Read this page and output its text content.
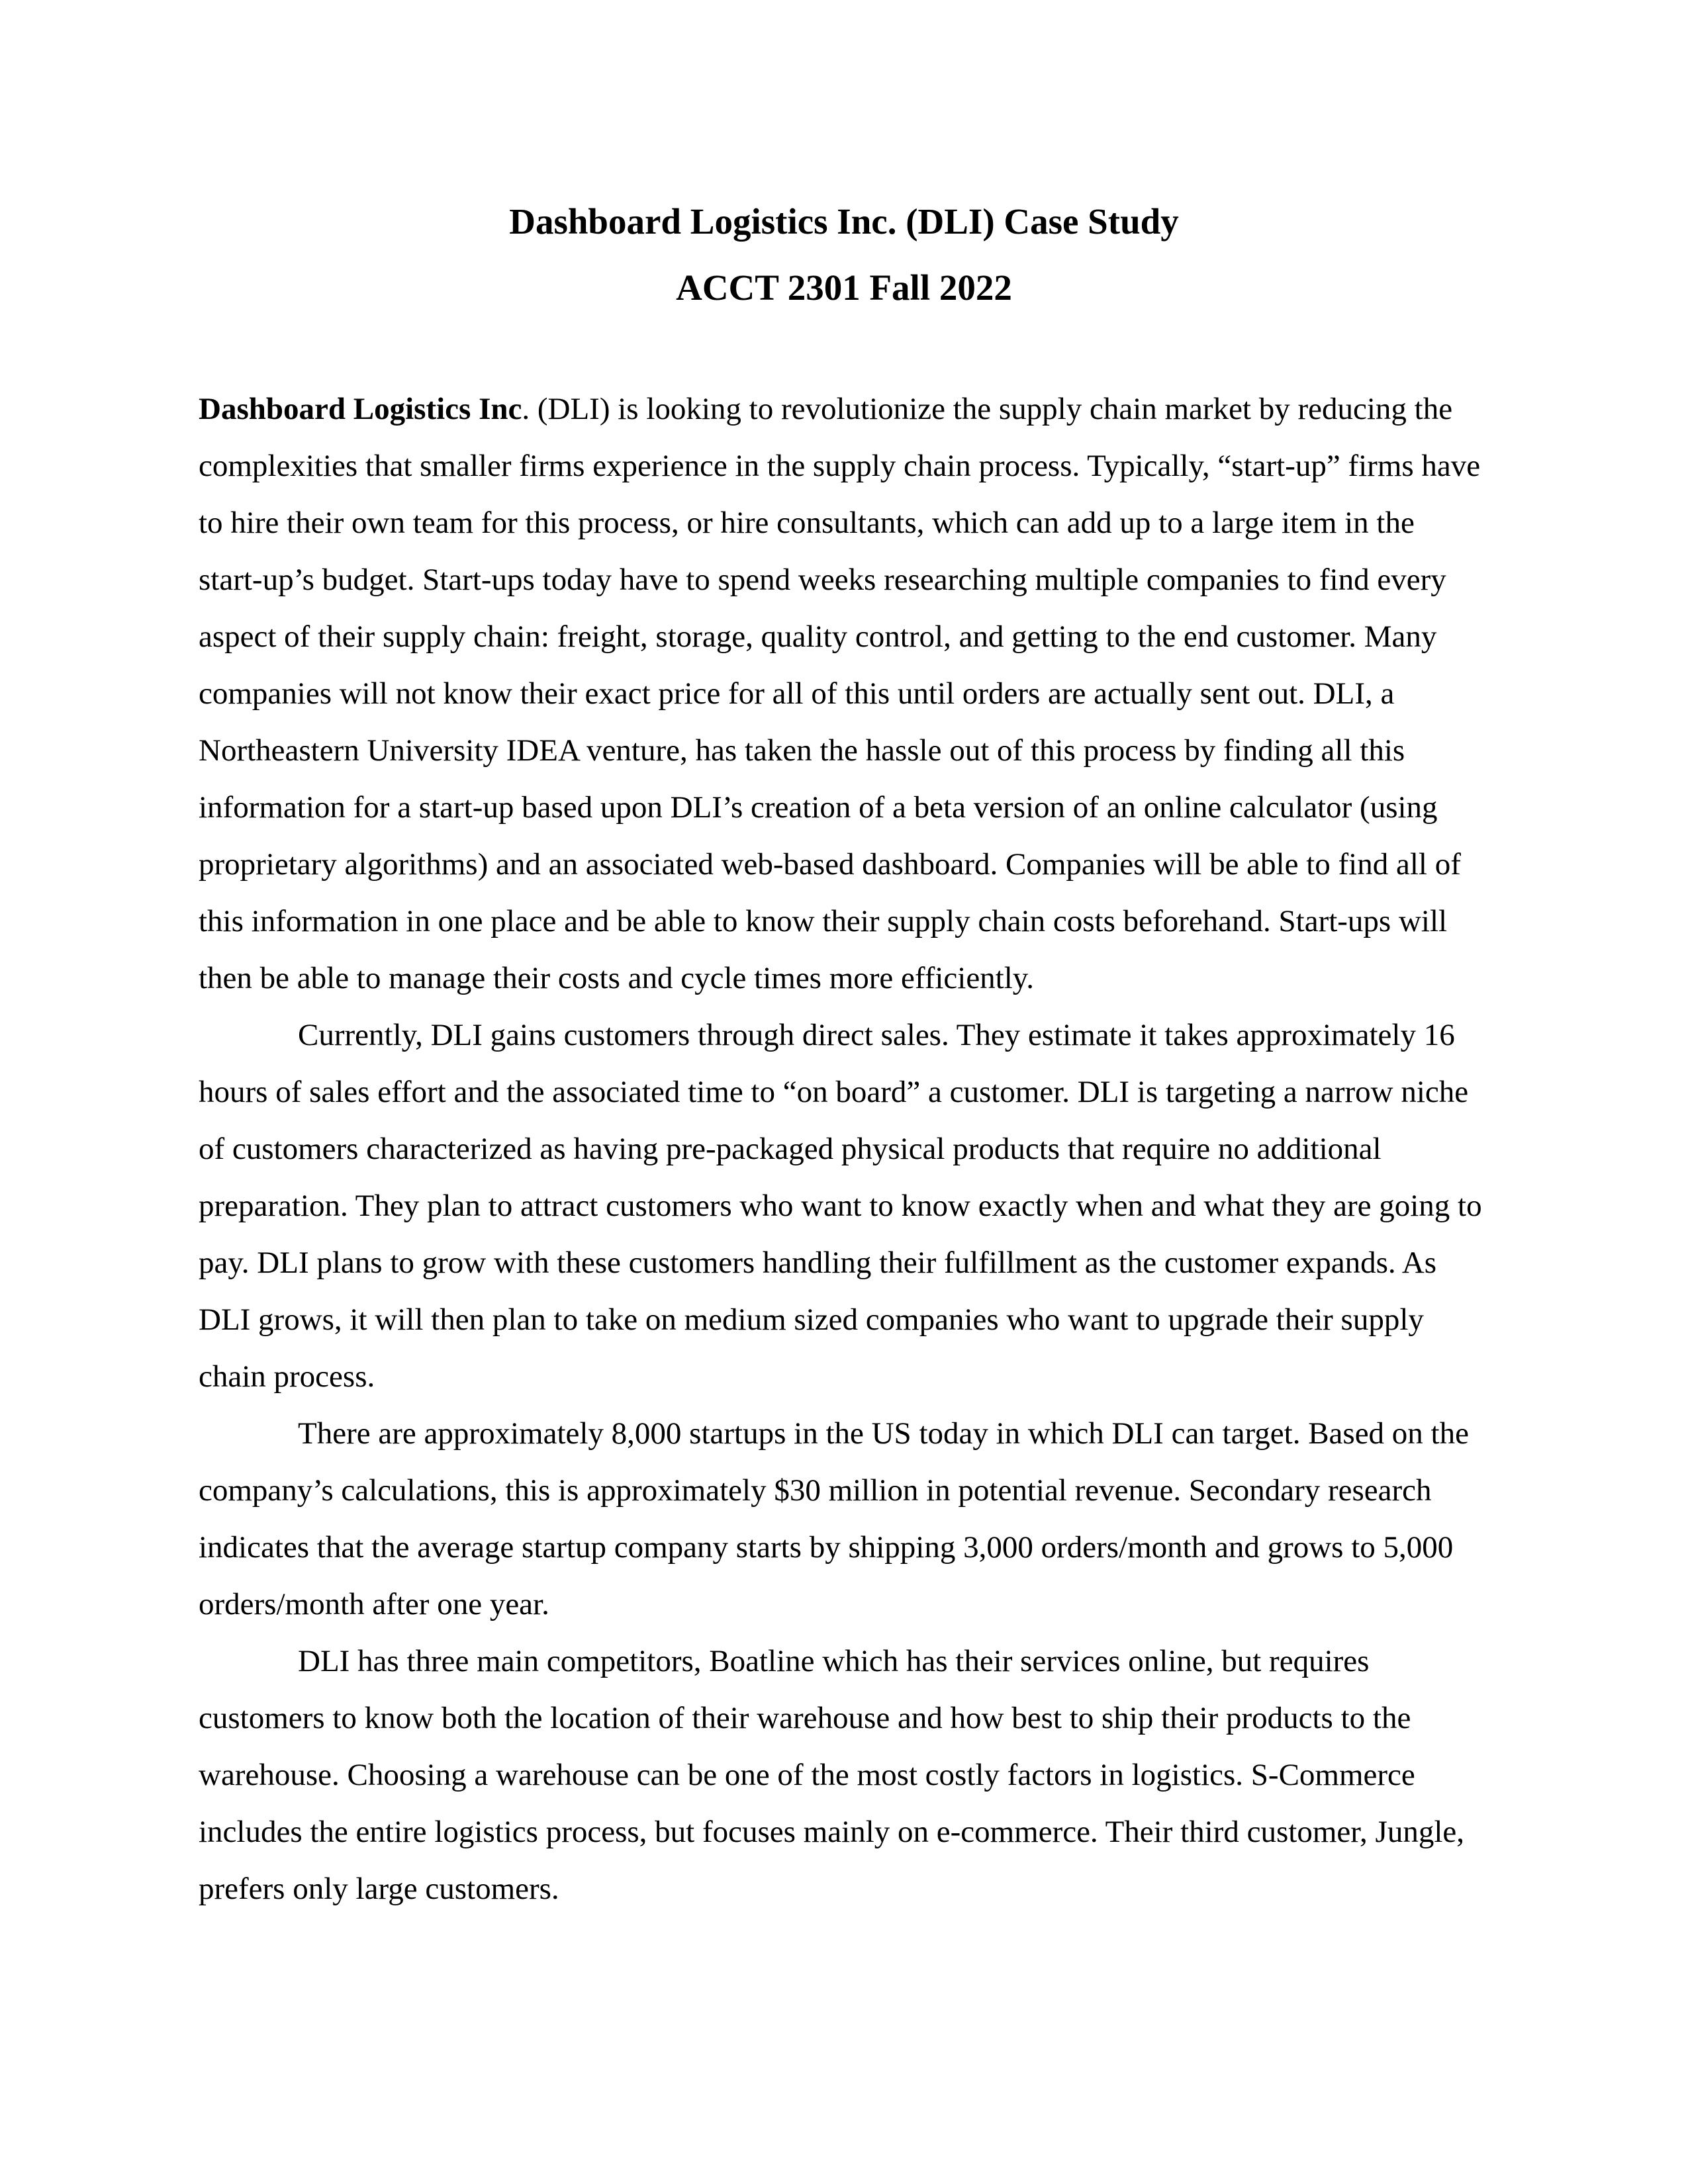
Dashboard Logistics Inc. (DLI) Case Study

ACCT 2301 Fall 2022

Dashboard Logistics Inc. (DLI) is looking to revolutionize the supply chain market by reducing the complexities that smaller firms experience in the supply chain process. Typically, “start-up” firms have to hire their own team for this process, or hire consultants, which can add up to a large item in the start-up’s budget. Start-ups today have to spend weeks researching multiple companies to find every aspect of their supply chain: freight, storage, quality control, and getting to the end customer. Many companies will not know their exact price for all of this until orders are actually sent out. DLI, a Northeastern University IDEA venture, has taken the hassle out of this process by finding all this information for a start-up based upon DLI’s creation of a beta version of an online calculator (using proprietary algorithms) and an associated web-based dashboard. Companies will be able to find all of this information in one place and be able to know their supply chain costs beforehand. Start-ups will then be able to manage their costs and cycle times more efficiently.

Currently, DLI gains customers through direct sales. They estimate it takes approximately 16 hours of sales effort and the associated time to “on board” a customer. DLI is targeting a narrow niche of customers characterized as having pre-packaged physical products that require no additional preparation. They plan to attract customers who want to know exactly when and what they are going to pay. DLI plans to grow with these customers handling their fulfillment as the customer expands. As DLI grows, it will then plan to take on medium sized companies who want to upgrade their supply chain process.

There are approximately 8,000 startups in the US today in which DLI can target. Based on the company’s calculations, this is approximately $30 million in potential revenue. Secondary research indicates that the average startup company starts by shipping 3,000 orders/month and grows to 5,000 orders/month after one year.

DLI has three main competitors, Boatline which has their services online, but requires customers to know both the location of their warehouse and how best to ship their products to the warehouse. Choosing a warehouse can be one of the most costly factors in logistics. S-Commerce includes the entire logistics process, but focuses mainly on e-commerce. Their third customer, Jungle, prefers only large customers.
